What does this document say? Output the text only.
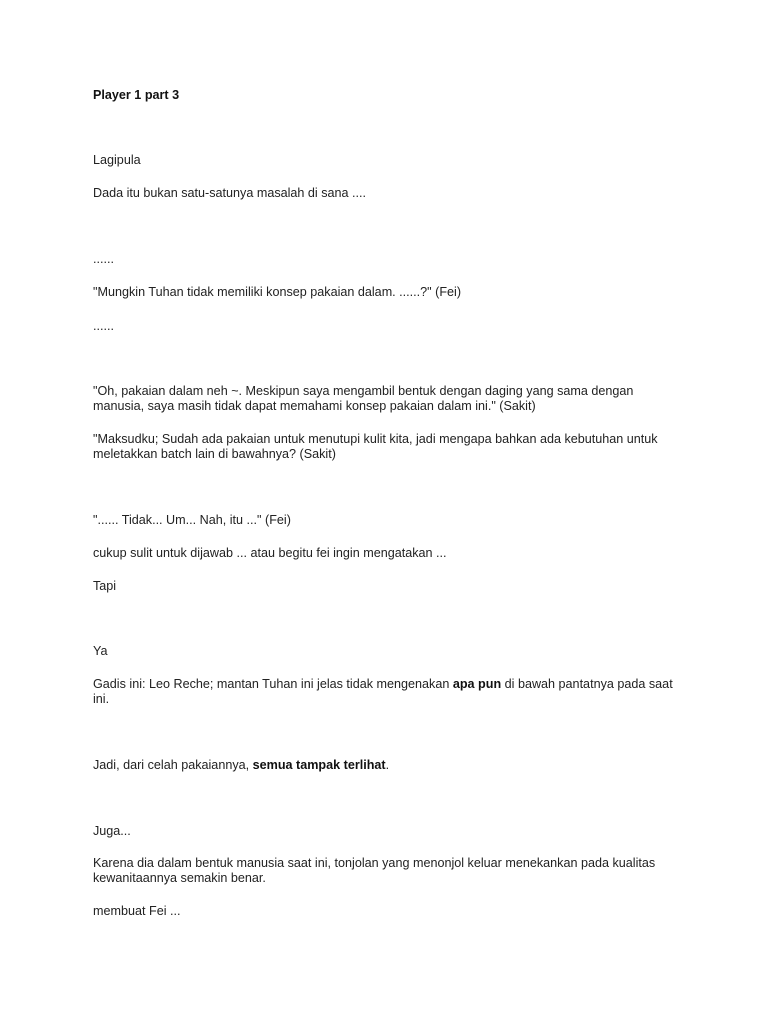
Player 1 part 3

Lagipula

Dada itu bukan satu-satunya masalah di sana ....

......

"Mungkin Tuhan tidak memiliki konsep pakaian dalam. ......?" (Fei)

......

"Oh, pakaian dalam neh ~. Meskipun saya mengambil bentuk dengan daging yang sama dengan manusia, saya masih tidak dapat memahami konsep pakaian dalam ini." (Sakit)

"Maksudku; Sudah ada pakaian untuk menutupi kulit kita, jadi mengapa bahkan ada kebutuhan untuk meletakkan batch lain di bawahnya? (Sakit)

"...... Tidak... Um... Nah, itu ..." (Fei)

cukup sulit untuk dijawab ... atau begitu fei ingin mengatakan ...

Tapi

Ya

Gadis ini: Leo Reche; mantan Tuhan ini jelas tidak mengenakan apa pun di bawah pantatnya pada saat ini.

Jadi, dari celah pakaiannya, semua tampak terlihat.

Juga...

Karena dia dalam bentuk manusia saat ini, tonjolan yang menonjol keluar menekankan pada kualitas kewanitaannya semakin benar.

membuat Fei ...
